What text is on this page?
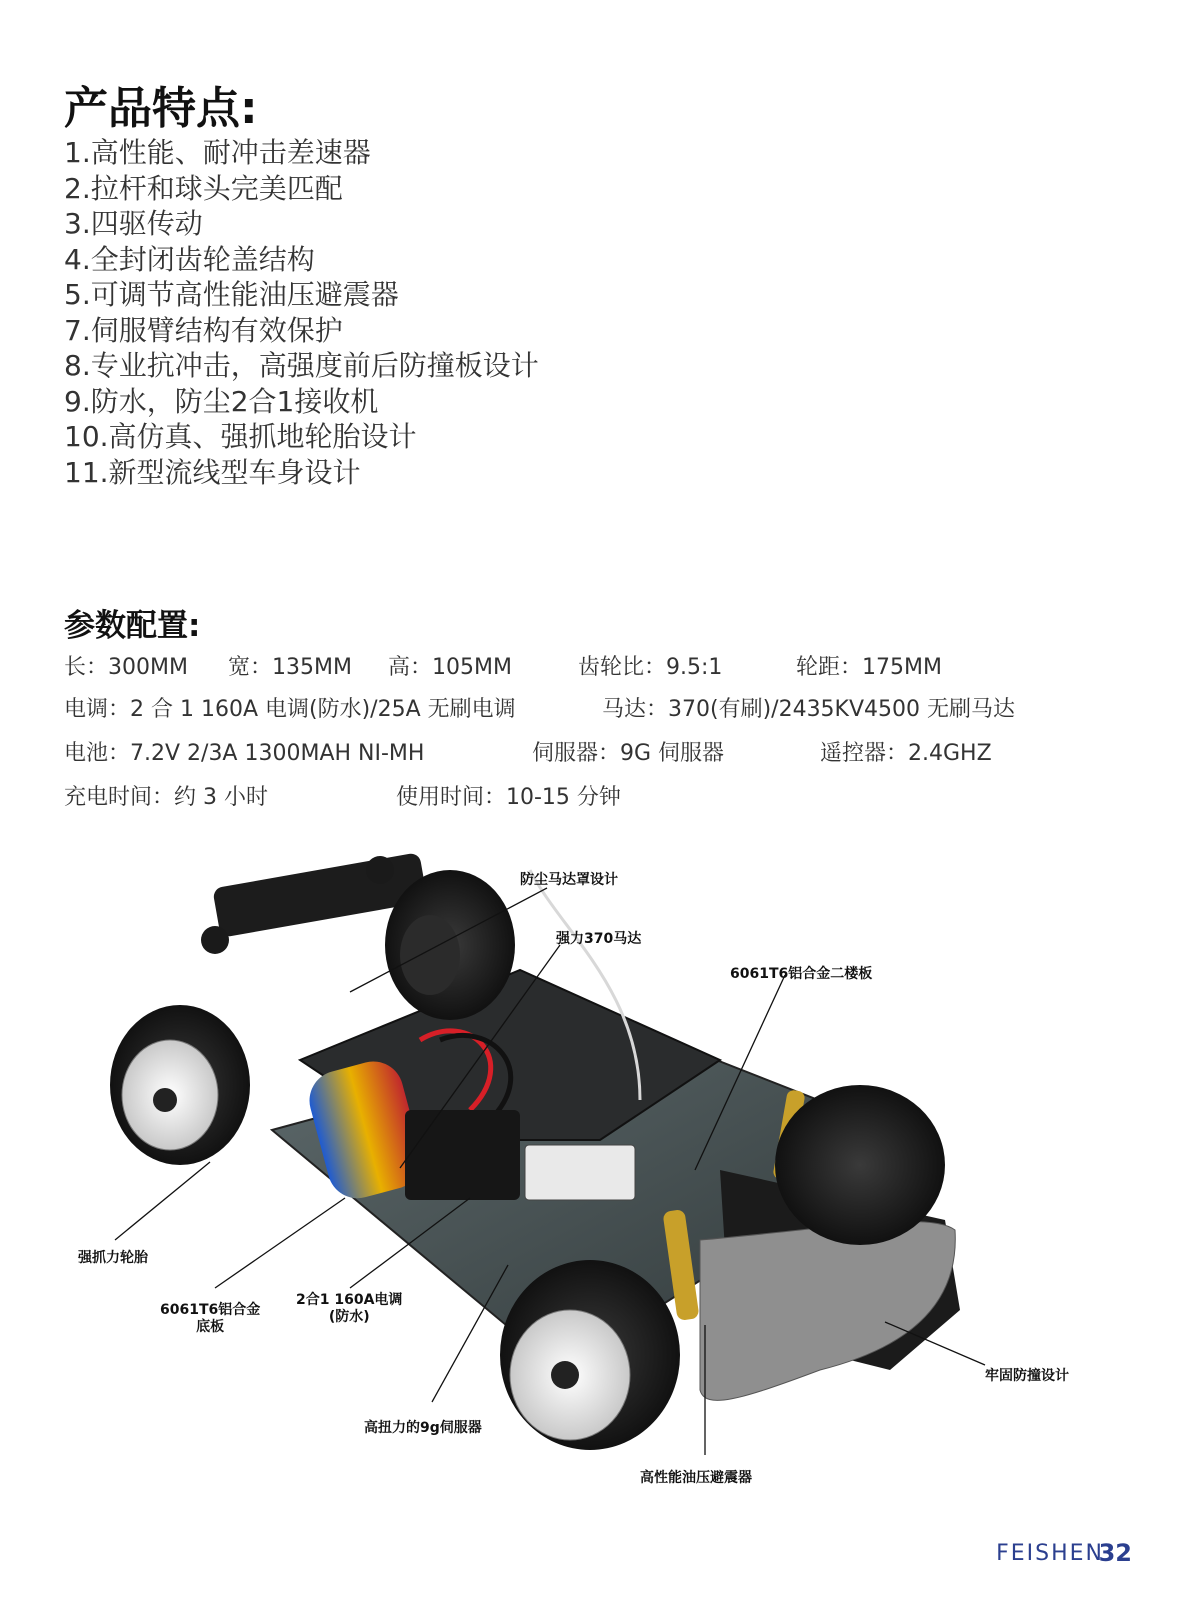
产品特点:
1.高性能、耐冲击差速器
2.拉杆和球头完美匹配
3.四驱传动
4.全封闭齿轮盖结构
5.可调节高性能油压避震器
7.伺服臂结构有效保护
8.专业抗冲击，高强度前后防撞板设计
9.防水，防尘2合1接收机
10.高仿真、强抓地轮胎设计
11.新型流线型车身设计
参数配置:
长：300MM 宽：135MM 高：105MM	齿轮比：9.5:1	轮距：175MM
电调：2 合 1 160A 电调(防水)/25A 无刷电调	马达：370(有刷)/2435KV4500 无刷马达
电池：7.2V 2/3A 1300MAH NI-MH	伺服器：9G 伺服器	遥控器：2.4GHZ
充电时间：约 3 小时	使用时间：10-15 分钟
防尘马达罩设计
强力370马达
6061T6铝合金二楼板
强抓力轮胎
6061T6铝合金
底板
2合1 160A电调
(防水)
高扭力的9g伺服器
高性能油压避震器
牢固防撞设计
FEISHEN
32
